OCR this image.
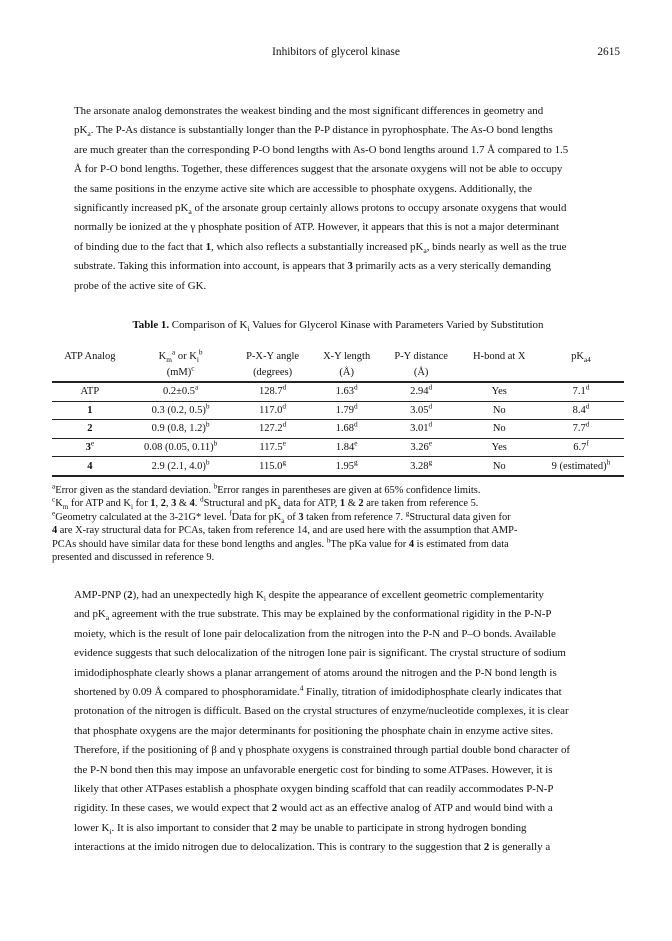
Inhibitors of glycerol kinase	2615

The arsonate analog demonstrates the weakest binding and the most significant differences in geometry and
$pK_a$. The P-As distance is substantially longer than the P-P distance in pyrophosphate. The As-O bond lengths
are much greater than the corresponding P-O bond lengths with As-O bond lengths around 1.7 Å compared to 1.5
Å for P-O bond lengths. Together, these differences suggest that the arsonate oxygens will not be able to occupy
the same positions in the enzyme active site which are accessible to phosphate oxygens. Additionally, the
significantly increased $pK_a$ of the arsonate group certainly allows protons to occupy arsonate oxygens that would
normally be ionized at the γ phosphate position of ATP. However, it appears that this is not a major determinant
of binding due to the fact that 1, which also reflects a substantially increased $pK_a$, binds nearly as well as the true
substrate. Taking this information into account, is appears that 3 primarily acts as a very sterically demanding
probe of the active site of GK.

Table 1. Comparison of $K_i$ Values for Glycerol Kinase with Parameters Varied by Substitution
ATP Analog	$K_m^a$ or $K_i^b$	P-X-Y angle	X-Y length	P-Y distance	H-bond at X	$pK_{a4}$
	(mM)$^c$	(degrees)	(Å)	(Å)		
ATP	0.2±0.5$^a$	128.7$^d$	1.63$^d$	2.94$^d$	Yes	7.1$^d$
1	0.3 (0.2, 0.5)$^b$	117.0$^d$	1.79$^d$	3.05$^d$	No	8.4$^d$
2	0.9 (0.8, 1.2)$^b$	127.2$^d$	1.68$^d$	3.01$^d$	No	7.7$^d$
3e	0.08 (0.05, 0.11)$^b$	117.5e	1.84e	3.26e	Yes	6.7$^f$
4	2.9 (2.1, 4.0)$^b$	115.0$^g$	1.95$^g$	3.28$^g$	No	9 (estimated)$^h$
$^a$Error given as the standard deviation. $^b$Error ranges in parentheses are given at 65% confidence limits.
$^cK_m$ for ATP and $K_i$ for 1, 2, 3 & 4. $^d$Structural and $pK_a$ data for ATP, 1 & 2 are taken from reference 5.
$^e$Geometry calculated at the 3-21G* level. $^f$Data for $pK_a$ of 3 taken from reference 7. $^g$Structural data given for
4 are X-ray structural data for PCAs, taken from reference 14, and are used here with the assumption that AMP-
PCAs should have similar data for these bond lengths and angles. $^h$The pKa value for 4 is estimated from data
presented and discussed in reference 9.

AMP-PNP (2), had an unexpectedly high $K_i$ despite the appearance of excellent geometric complementarity
and $pK_a$ agreement with the true substrate. This may be explained by the conformational rigidity in the P-N-P
moiety, which is the result of lone pair delocalization from the nitrogen into the P-N and P–O bonds. Available
evidence suggests that such delocalization of the nitrogen lone pair is significant. The crystal structure of sodium
imidodiphosphate clearly shows a planar arrangement of atoms around the nitrogen and the P-N bond length is
shortened by 0.09 Å compared to phosphoramidate.$^4$ Finally, titration of imidodiphosphate clearly indicates that
protonation of the nitrogen is difficult. Based on the crystal structures of enzyme/nucleotide complexes, it is clear
that phosphate oxygens are the major determinants for positioning the phosphate chain in enzyme active sites.
Therefore, if the positioning of β and γ phosphate oxygens is constrained through partial double bond character of
the P-N bond then this may impose an unfavorable energetic cost for binding to some ATPases. However, it is
likely that other ATPases establish a phosphate oxygen binding scaffold that can readily accommodates P-N-P
rigidity. In these cases, we would expect that 2 would act as an effective analog of ATP and would bind with a
lower $K_i$. It is also important to consider that 2 may be unable to participate in strong hydrogen bonding
interactions at the imido nitrogen due to delocalization. This is contrary to the suggestion that 2 is generally a
